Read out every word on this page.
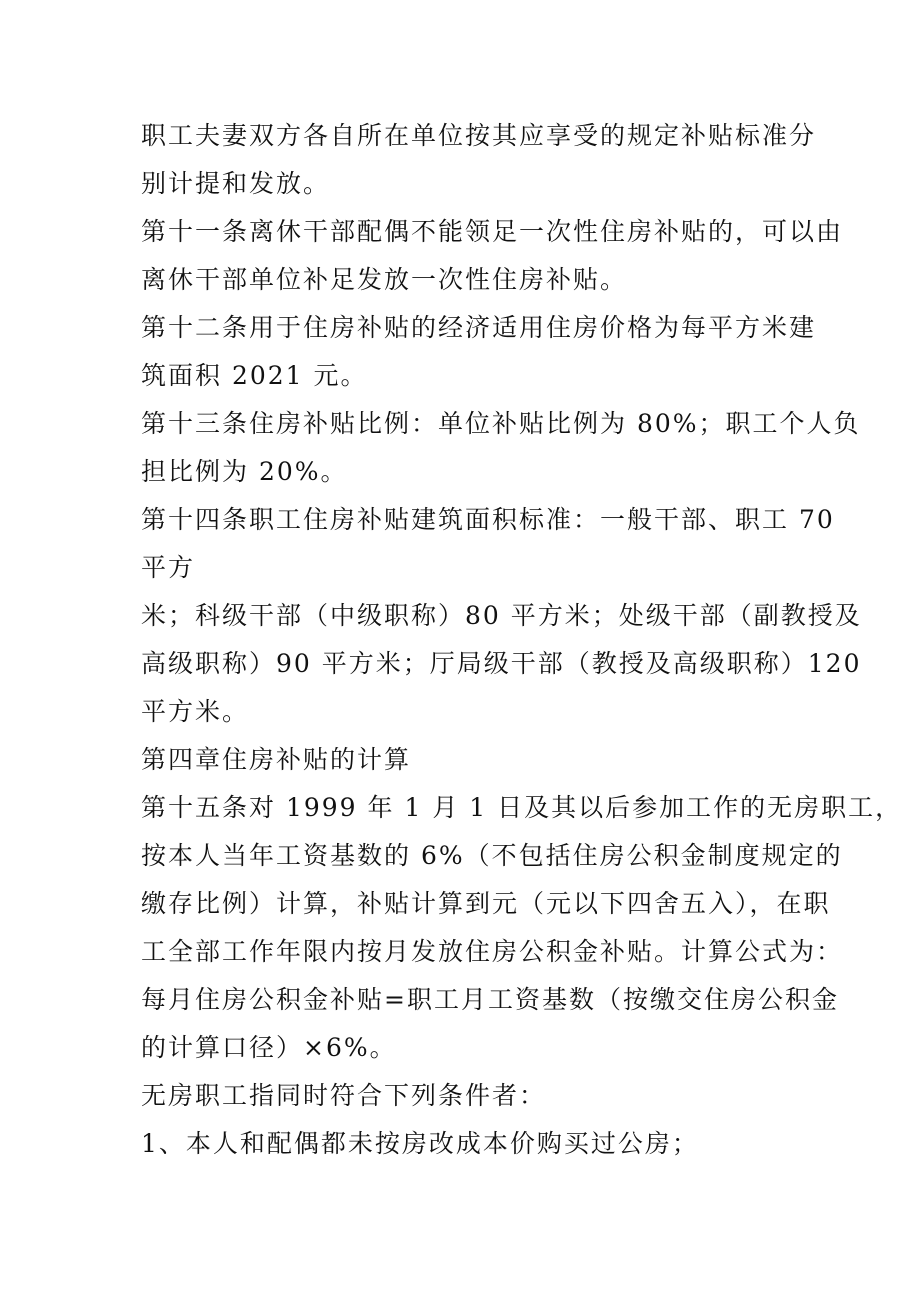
职工夫妻双方各自所在单位按其应享受的规定补贴标准分
别计提和发放。
第十一条离休干部配偶不能领足一次性住房补贴的，可以由
离休干部单位补足发放一次性住房补贴。
第十二条用于住房补贴的经济适用住房价格为每平方米建
筑面积 2021 元。
第十三条住房补贴比例：单位补贴比例为 80%；职工个人负
担比例为 20%。
第十四条职工住房补贴建筑面积标准：一般干部、职工 70
平方
米；科级干部（中级职称）80 平方米；处级干部（副教授及
高级职称）90 平方米；厅局级干部（教授及高级职称）120
平方米。
第四章住房补贴的计算
第十五条对 1999 年 1 月 1 日及其以后参加工作的无房职工，
按本人当年工资基数的 6%（不包括住房公积金制度规定的
缴存比例）计算，补贴计算到元（元以下四舍五入），在职
工全部工作年限内按月发放住房公积金补贴。计算公式为：
每月住房公积金补贴=职工月工资基数（按缴交住房公积金
的计算口径）×6%。
无房职工指同时符合下列条件者：
1、本人和配偶都未按房改成本价购买过公房；
